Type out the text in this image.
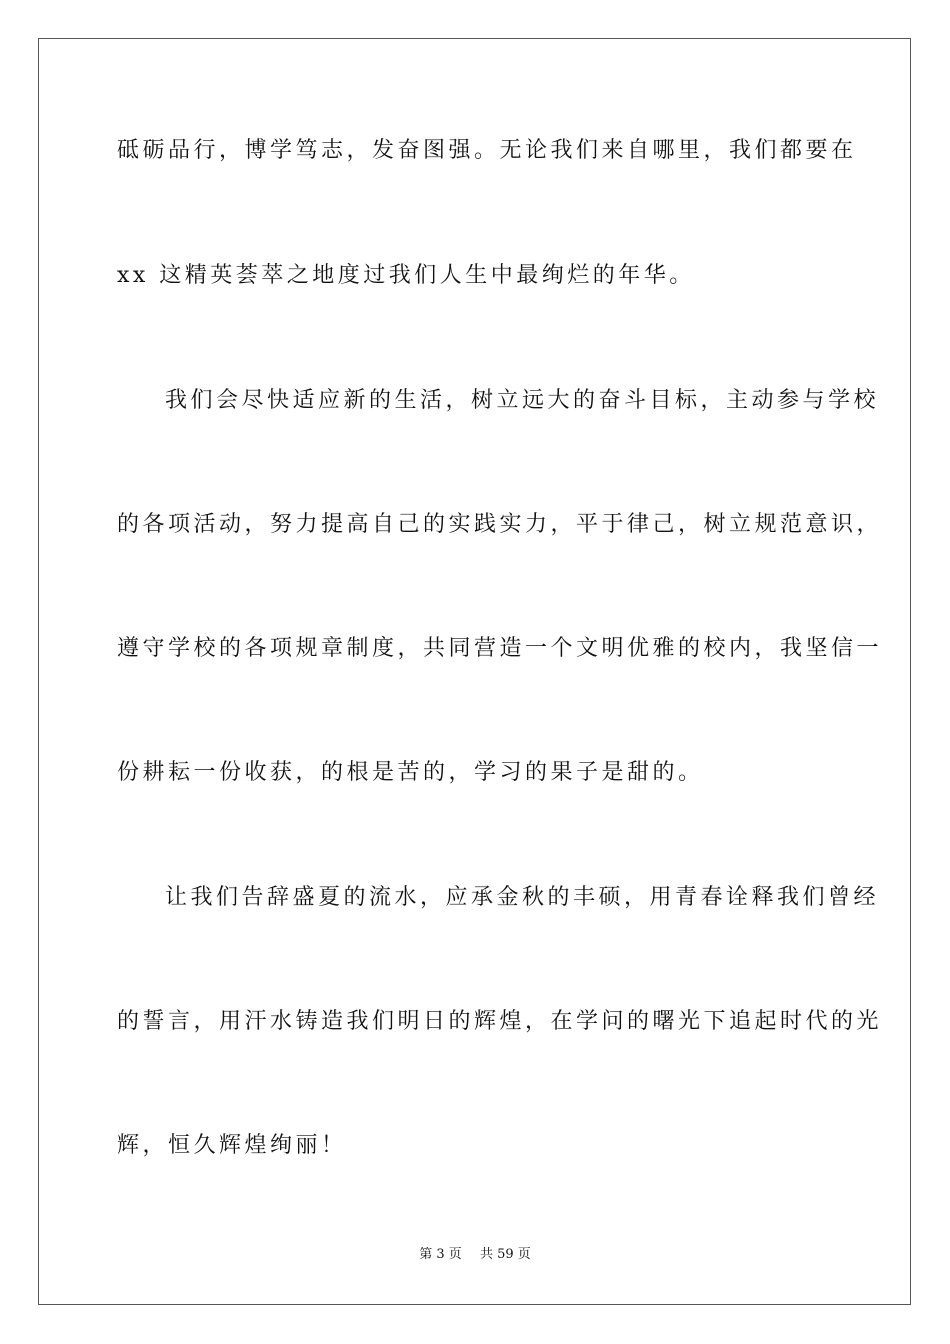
砥砺品行，博学笃志，发奋图强。无论我们来自哪里，我们都要在
xx 这精英荟萃之地度过我们人生中最绚烂的年华。
我们会尽快适应新的生活，树立远大的奋斗目标，主动参与学校
的各项活动，努力提高自己的实践实力，平于律己，树立规范意识，
遵守学校的各项规章制度，共同营造一个文明优雅的校内，我坚信一
份耕耘一份收获，的根是苦的，学习的果子是甜的。
让我们告辞盛夏的流水，应承金秋的丰硕，用青春诠释我们曾经
的誓言，用汗水铸造我们明日的辉煌，在学问的曙光下追起时代的光
辉，恒久辉煌绚丽！
第 3 页 共 59 页
